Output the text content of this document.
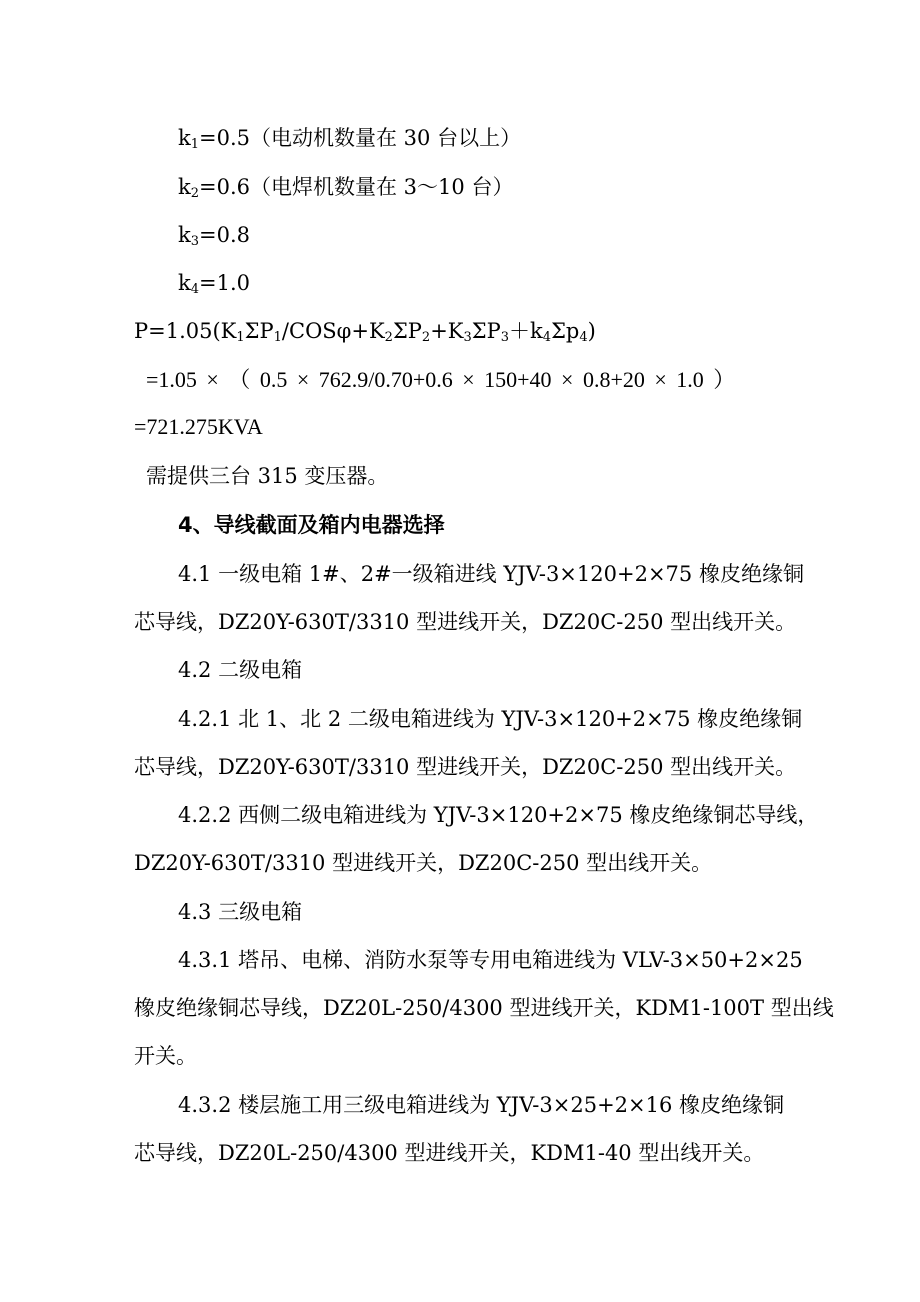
$k_1=0.5$（电动机数量在 30 台以上）
$k_2=0.6$（电焊机数量在 3～10 台）
$k_3=0.8$
$k_4=1.0$
$P=1.05(K_1\Sigma P_1/COS\varphi+K_2\Sigma P_2+K_3\Sigma P_3+k_4\Sigma p_4)$
=1.05 × （ 0.5 × 762.9/0.70+0.6 × 150+40 × 0.8+20 × 1.0 ）
=721.275KVA
需提供三台 315 变压器。
4、导线截面及箱内电器选择
4.1 一级电箱 1#、2#一级箱进线 YJV-3×120+2×75 橡皮绝缘铜
芯导线，DZ20Y-630T/3310 型进线开关，DZ20C-250 型出线开关。
4.2 二级电箱
4.2.1 北 1、北 2 二级电箱进线为 YJV-3×120+2×75 橡皮绝缘铜
芯导线，DZ20Y-630T/3310 型进线开关，DZ20C-250 型出线开关。
4.2.2 西侧二级电箱进线为 YJV-3×120+2×75 橡皮绝缘铜芯导线，
DZ20Y-630T/3310 型进线开关，DZ20C-250 型出线开关。
4.3 三级电箱
4.3.1 塔吊、电梯、消防水泵等专用电箱进线为 VLV-3×50+2×25
橡皮绝缘铜芯导线，DZ20L-250/4300 型进线开关，KDM1-100T 型出线
开关。
4.3.2 楼层施工用三级电箱进线为 YJV-3×25+2×16 橡皮绝缘铜
芯导线，DZ20L-250/4300 型进线开关，KDM1-40 型出线开关。
